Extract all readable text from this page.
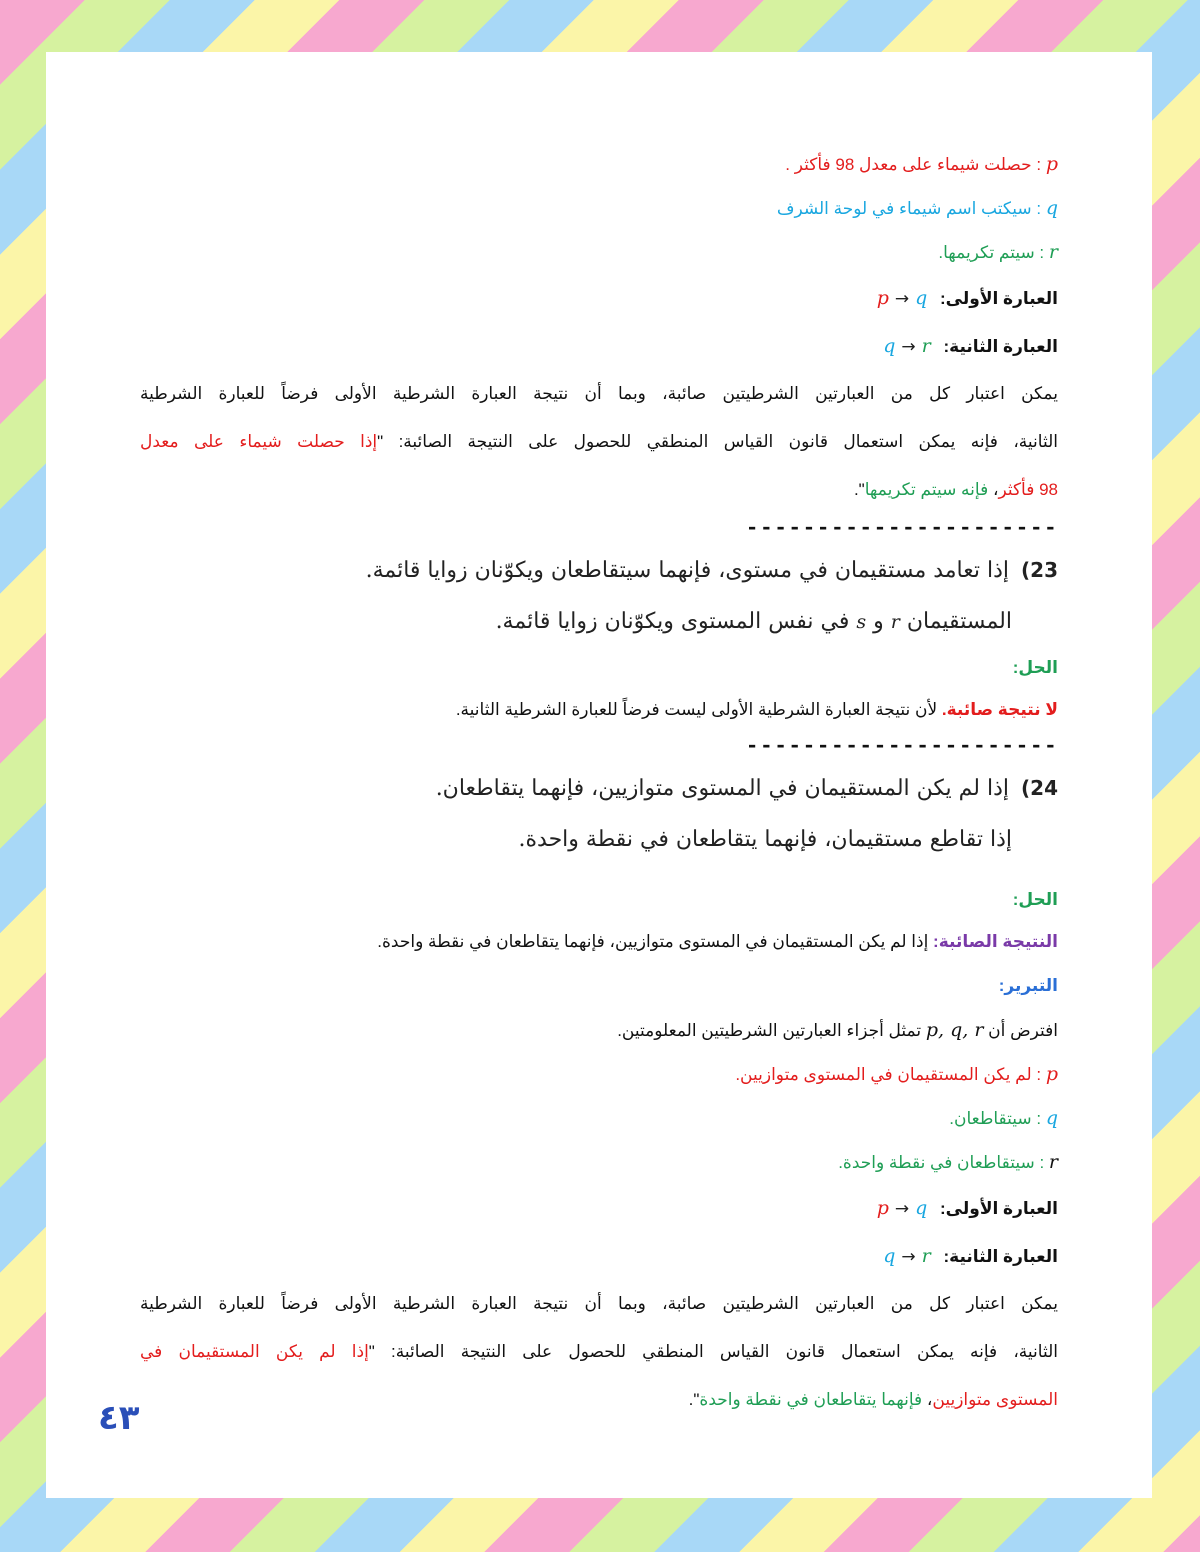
p : حصلت شيماء على معدل 98 فأكثر .
q : سيكتب اسم شيماء في لوحة الشرف
r : سيتم تكريمها.
العبارة الأولى: p → q
العبارة الثانية: q → r
يمكن اعتبار كل من العبارتين الشرطيتين صائبة، وبما أن نتيجة العبارة الشرطية الأولى فرضاً للعبارة الشرطية
الثانية، فإنه يمكن استعمال قانون القياس المنطقي للحصول على النتيجة الصائبة: "إذا حصلت شيماء على معدل
98 فأكثر، فإنه سيتم تكريمها".
----------------------
23)إذا تعامد مستقيمان في مستوى، فإنهما سيتقاطعان ويكوّنان زوايا قائمة.
المستقيمان r و s في نفس المستوى ويكوّنان زوايا قائمة.
الحل:
لا نتيجة صائبة. لأن نتيجة العبارة الشرطية الأولى ليست فرضاً للعبارة الشرطية الثانية.
----------------------
24)إذا لم يكن المستقيمان في المستوى متوازيين، فإنهما يتقاطعان.
إذا تقاطع مستقيمان، فإنهما يتقاطعان في نقطة واحدة.
الحل:
النتيجة الصائبة: إذا لم يكن المستقيمان في المستوى متوازيين، فإنهما يتقاطعان في نقطة واحدة.
التبرير:
افترض أن p, q, r تمثل أجزاء العبارتين الشرطيتين المعلومتين.
p : لم يكن المستقيمان في المستوى متوازيين.
q : سيتقاطعان.
r : سيتقاطعان في نقطة واحدة.
العبارة الأولى: p → q
العبارة الثانية: q → r
يمكن اعتبار كل من العبارتين الشرطيتين صائبة، وبما أن نتيجة العبارة الشرطية الأولى فرضاً للعبارة الشرطية
الثانية، فإنه يمكن استعمال قانون القياس المنطقي للحصول على النتيجة الصائبة: "إذا لم يكن المستقيمان في
المستوى متوازيين، فإنهما يتقاطعان في نقطة واحدة".
٤٣
